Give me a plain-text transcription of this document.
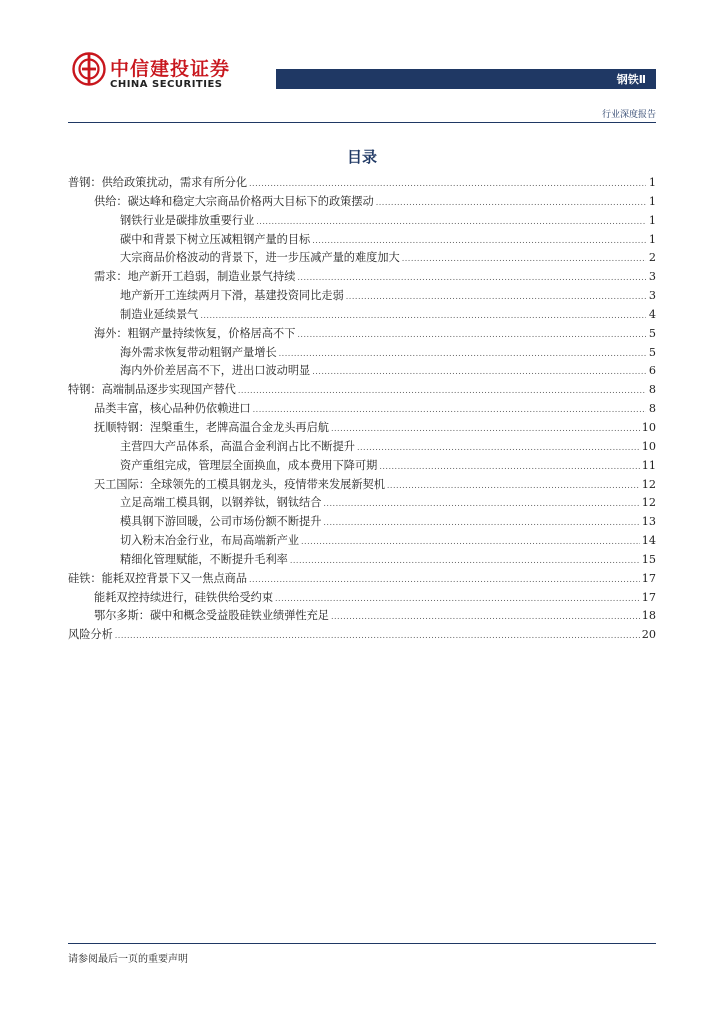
中信建投证券
CHINA SECURITIES	钢铁Ⅱ
行业深度报告
目录
普钢：供给政策扰动，需求有所分化 .....	1
供给：碳达峰和稳定大宗商品价格两大目标下的政策摆动 .....	1
钢铁行业是碳排放重要行业 .....	1
碳中和背景下树立压减粗钢产量的目标 .....	1
大宗商品价格波动的背景下，进一步压减产量的难度加大 .....	2
需求：地产新开工趋弱，制造业景气持续 .....	3
地产新开工连续两月下滑，基建投资同比走弱 .....	3
制造业延续景气 .....	4
海外：粗钢产量持续恢复，价格居高不下 .....	5
海外需求恢复带动粗钢产量增长 .....	5
海内外价差居高不下，进出口波动明显 .....	6
特钢：高端制品逐步实现国产替代 .....	8
品类丰富，核心品种仍依赖进口 .....	8
抚顺特钢：涅槃重生，老牌高温合金龙头再启航 .....	10
主营四大产品体系，高温合金利润占比不断提升 .....	10
资产重组完成，管理层全面换血，成本费用下降可期 .....	11
天工国际：全球领先的工模具钢龙头，疫情带来发展新契机 .....	12
立足高端工模具钢，以钢养钛，钢钛结合 .....	12
模具钢下游回暖，公司市场份额不断提升 .....	13
切入粉末冶金行业，布局高端新产业 .....	14
精细化管理赋能，不断提升毛利率 .....	15
硅铁：能耗双控背景下又一焦点商品 .....	17
能耗双控持续进行，硅铁供给受约束 .....	17
鄂尔多斯：碳中和概念受益股硅铁业绩弹性充足 .....	18
风险分析 .....	20
请参阅最后一页的重要声明
